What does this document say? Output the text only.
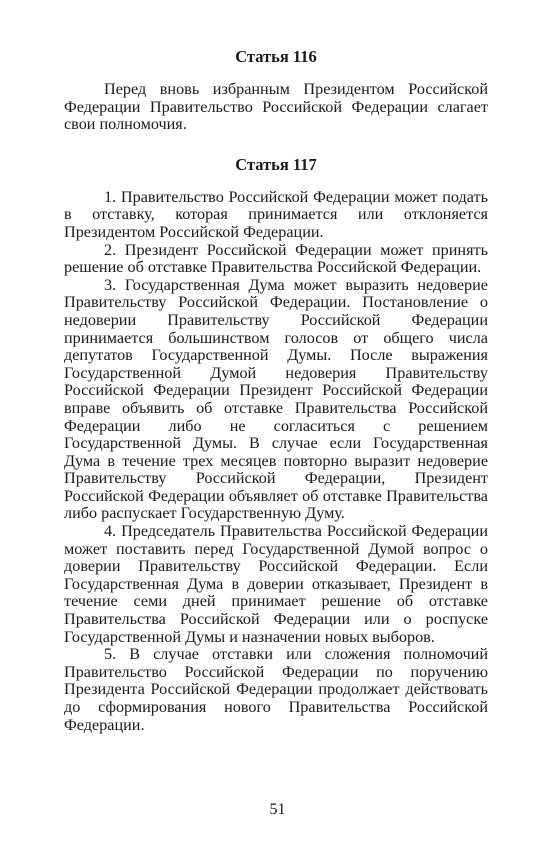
Статья 116

Перед вновь избранным Президентом Российской Федерации Правительство Российской Федерации слагает свои полномочия.

Статья 117

1. Правительство Российской Федерации может подать в отставку, которая принимается или отклоняется Президентом Российской Федерации.

2. Президент Российской Федерации может принять решение об отставке Правительства Российской Федерации.

3. Государственная Дума может выразить недоверие Правительству Российской Федерации. Постановление о недоверии Правительству Российской Федерации принимается большинством голосов от общего числа депутатов Государственной Думы. После выражения Государственной Думой недоверия Правительству Российской Федерации Президент Российской Федерации вправе объявить об отставке Правительства Российской Федерации либо не согласиться с решением Государственной Думы. В случае если Государственная Дума в течение трех месяцев повторно выразит недоверие Правительству Российской Федерации, Президент Российской Федерации объявляет об отставке Правительства либо распускает Государственную Думу.

4. Председатель Правительства Российской Федерации может поставить перед Государственной Думой вопрос о доверии Правительству Российской Федерации. Если Государственная Дума в доверии отказывает, Президент в течение семи дней принимает решение об отставке Правительства Российской Федерации или о роспуске Государственной Думы и назначении новых выборов.

5. В случае отставки или сложения полномочий Правительство Российской Федерации по поручению Президента Российской Федерации продолжает действовать до сформирования нового Правительства Российской Федерации.

51
